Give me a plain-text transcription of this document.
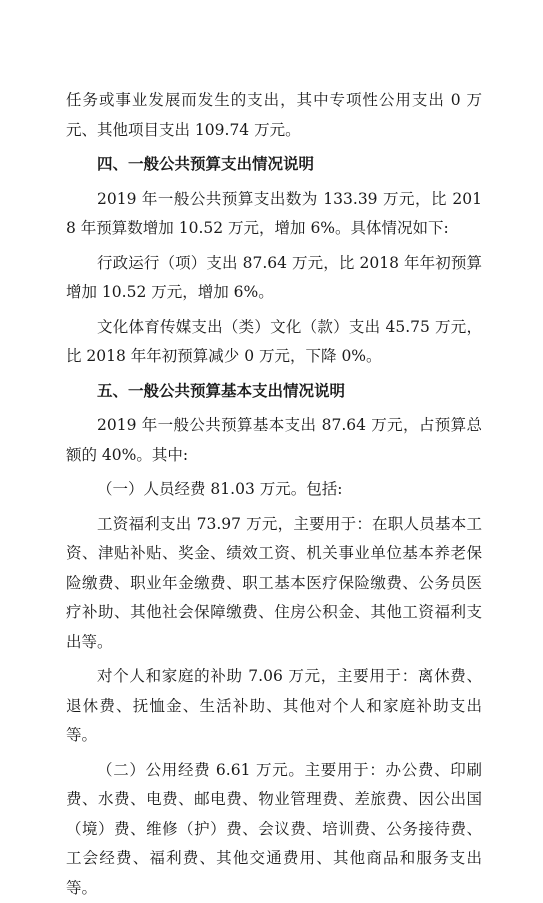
任务或事业发展而发生的支出，其中专项性公用支出 0 万元、其他项目支出 109.74 万元。

四、一般公共预算支出情况说明

2019 年一般公共预算支出数为 133.39 万元，比 2018 年预算数增加 10.52 万元，增加 6%。具体情况如下:

行政运行（项）支出 87.64 万元，比 2018 年年初预算增加 10.52 万元，增加 6%。

文化体育传媒支出（类）文化（款）支出 45.75 万元，比 2018 年年初预算减少 0 万元，下降 0%。

五、一般公共预算基本支出情况说明

2019 年一般公共预算基本支出 87.64 万元，占预算总额的 40%。其中:

（一）人员经费 81.03 万元。包括:

工资福利支出 73.97 万元，主要用于：在职人员基本工资、津贴补贴、奖金、绩效工资、机关事业单位基本养老保险缴费、职业年金缴费、职工基本医疗保险缴费、公务员医疗补助、其他社会保障缴费、住房公积金、其他工资福利支出等。

对个人和家庭的补助 7.06 万元，主要用于：离休费、退休费、抚恤金、生活补助、其他对个人和家庭补助支出等。

（二）公用经费 6.61 万元。主要用于：办公费、印刷费、水费、电费、邮电费、物业管理费、差旅费、因公出国（境）费、维修（护）费、会议费、培训费、公务接待费、工会经费、福利费、其他交通费用、其他商品和服务支出等。
